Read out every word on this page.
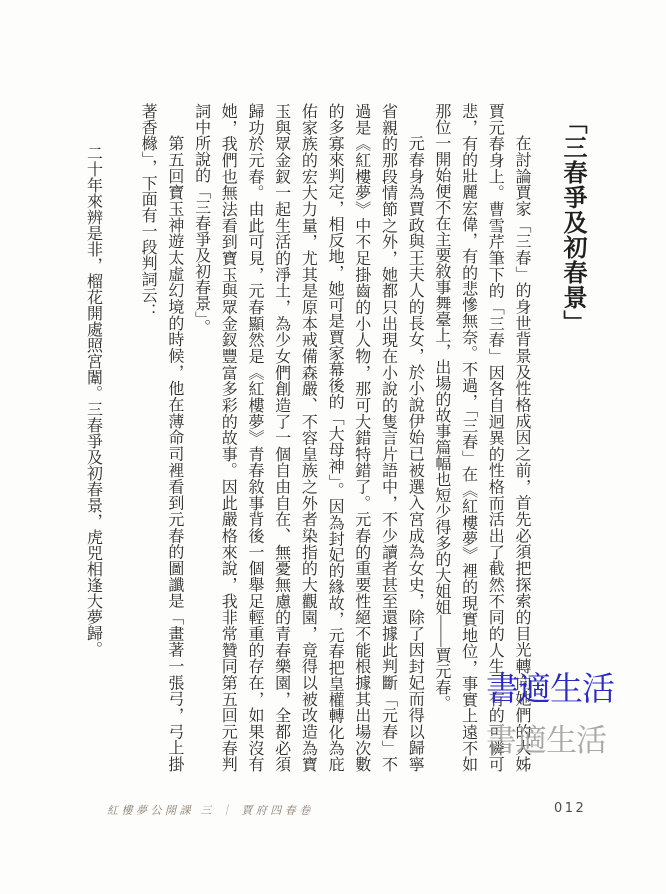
「三春爭及初春景」

在討論賈家「三春」的身世背景及性格成因之前，首先必須把探索的目光轉向她們的大姊賈元春身上。曹雪芹筆下的「三春」因各自迥異的性格而活出了截然不同的人生，有的可憐可悲，有的壯麗宏偉，有的悲慘無奈。不過，「三春」在《紅樓夢》裡的現實地位，事實上遠不如那位一開始便不在主要敘事舞臺上，出場的故事篇幅也短少得多的大姐姐——賈元春。

元春身為賈政與王夫人的長女，於小說伊始已被選入宮成為女史，除了因封妃而得以歸寧省親的那段情節之外，她都只出現在小說的隻言片語中，不少讀者甚至還據此判斷「元春」不過是《紅樓夢》中不足掛齒的小人物，那可大錯特錯了。元春的重要性絕不能根據其出場次數的多寡來判定，相反地，她可是賈家幕後的「大母神」。因為封妃的緣故，元春把皇權轉化為庇佑家族的宏大力量，尤其是原本戒備森嚴、不容皇族之外者染指的大觀園，竟得以被改造為寶玉與眾金釵一起生活的淨土，為少女們創造了一個自由自在、無憂無慮的青春樂園，全都必須歸功於元春。由此可見，元春顯然是《紅樓夢》青春敘事背後一個舉足輕重的存在，如果沒有她，我們也無法看到寶玉與眾金釵豐富多彩的故事。因此嚴格來說，我非常贊同第五回元春判詞中所說的「三春爭及初春景」。

第五回寶玉神遊太虛幻境的時候，他在薄命司裡看到元春的圖讖是「畫著一張弓，弓上掛著香櫞」，下面有一段判詞云：

二十年來辨是非，榴花開處照宮闈。三春爭及初春景，虎兕相逢大夢歸。

書適生活
書適生活
紅樓夢公開課 三 ｜ 賈府四春卷	012
